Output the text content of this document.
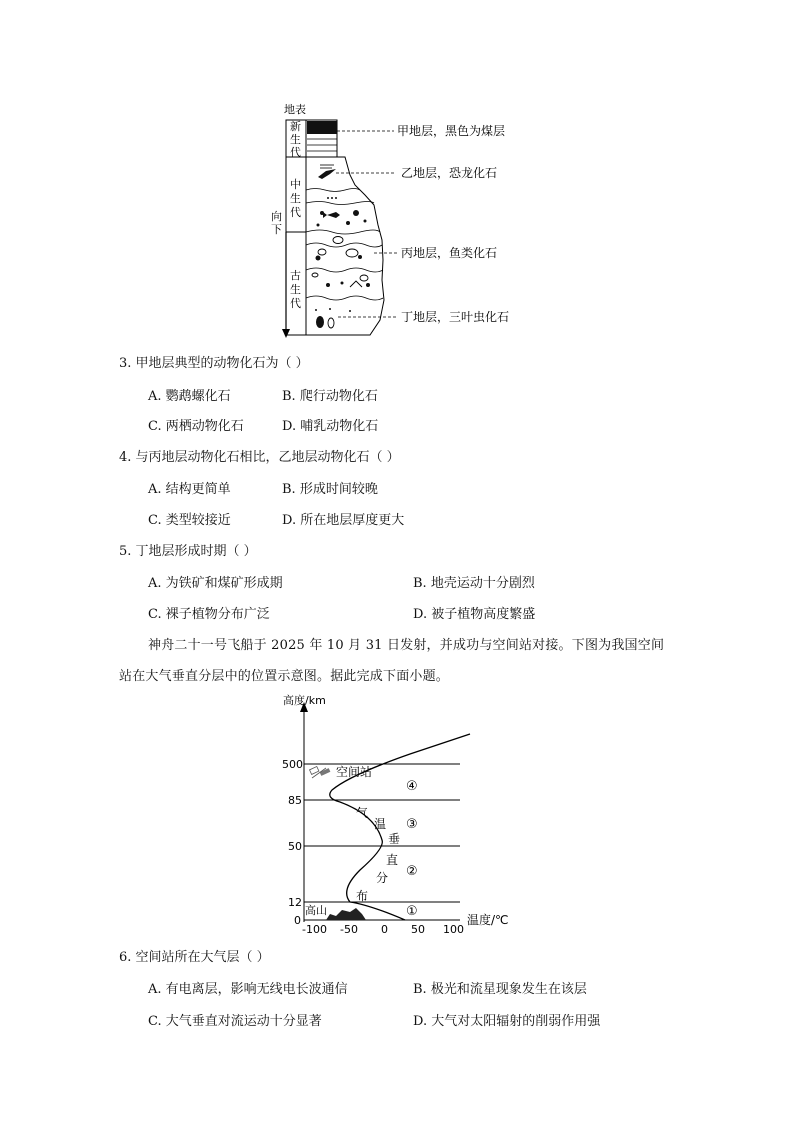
地表
新
生
代
中
生
代
古
生
代
向
下
甲地层，黑色为煤层
乙地层，恐龙化石
丙地层，鱼类化石
丁地层，三叶虫化石
3. 甲地层典型的动物化石为（ ）
A. 鹦鹉螺化石	B. 爬行动物化石
C. 两栖动物化石	D. 哺乳动物化石
4. 与丙地层动物化石相比，乙地层动物化石（ ）
A. 结构更简单	B. 形成时间较晚
C. 类型较接近	D. 所在地层厚度更大
5. 丁地层形成时期（ ）
A. 为铁矿和煤矿形成期	B. 地壳运动十分剧烈
C. 裸子植物分布广泛	D. 被子植物高度繁盛
神舟二十一号飞船于 2025 年 10 月 31 日发射，并成功与空间站对接。下图为我国空间
站在大气垂直分层中的位置示意图。据此完成下面小题。
高度/km
温度/℃
500
85
50
12
0
-100 -50 0 50 100
高山
空间站
气
温
垂
直
分
布
④
③
②
①
6. 空间站所在大气层（ ）
A. 有电离层，影响无线电长波通信	B. 极光和流星现象发生在该层
C. 大气垂直对流运动十分显著	D. 大气对太阳辐射的削弱作用强
